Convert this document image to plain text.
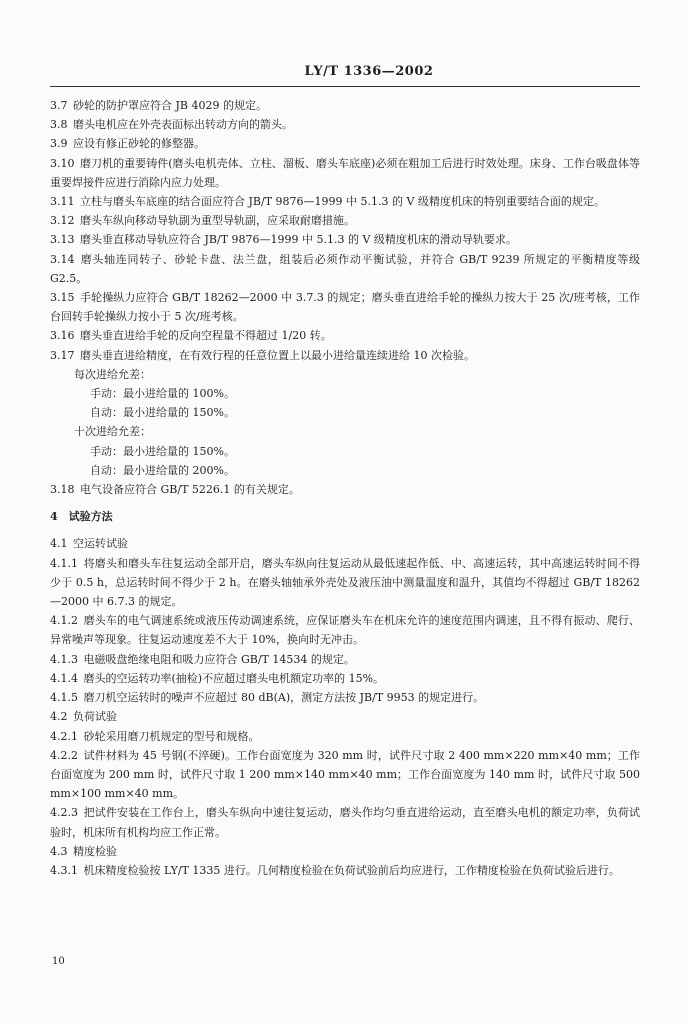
LY/T 1336—2002
3.7  砂轮的防护罩应符合 JB 4029 的规定。
3.8  磨头电机应在外壳表面标出转动方向的箭头。
3.9  应设有修正砂轮的修整器。
3.10  磨刀机的重要铸件(磨头电机壳体、立柱、溜板、磨头车底座)必须在粗加工后进行时效处理。床身、工作台吸盘体等重要焊接件应进行消除内应力处理。
3.11  立柱与磨头车底座的结合面应符合 JB/T 9876—1999 中 5.1.3 的 V 级精度机床的特别重要结合面的规定。
3.12  磨头车纵向移动导轨副为重型导轨副，应采取耐磨措施。
3.13  磨头垂直移动导轨应符合 JB/T 9876—1999 中 5.1.3 的 V 级精度机床的滑动导轨要求。
3.14  磨头轴连同转子、砂轮卡盘、法兰盘，组装后必须作动平衡试验，并符合 GB/T 9239 所规定的平衡精度等级 G2.5。
3.15  手轮操纵力应符合 GB/T 18262—2000 中 3.7.3 的规定；磨头垂直进给手轮的操纵力按大于 25 次/班考核，工作台回转手轮操纵力按小于 5 次/班考核。
3.16  磨头垂直进给手轮的反向空程量不得超过 1/20 转。
3.17  磨头垂直进给精度，在有效行程的任意位置上以最小进给量连续进给 10 次检验。
每次进给允差：
手动：最小进给量的 100%。
自动：最小进给量的 150%。
十次进给允差：
手动：最小进给量的 150%。
自动：最小进给量的 200%。
3.18  电气设备应符合 GB/T 5226.1 的有关规定。
4  试验方法
4.1  空运转试验
4.1.1  将磨头和磨头车往复运动全部开启，磨头车纵向往复运动从最低速起作低、中、高速运转，其中高速运转时间不得少于 0.5 h，总运转时间不得少于 2 h。在磨头轴轴承外壳处及液压油中测量温度和温升，其值均不得超过 GB/T 18262—2000 中 6.7.3 的规定。
4.1.2  磨头车的电气调速系统或液压传动调速系统，应保证磨头车在机床允许的速度范围内调速，且不得有振动、爬行、异常噪声等现象。往复运动速度差不大于 10%，换向时无冲击。
4.1.3  电磁吸盘绝缘电阻和吸力应符合 GB/T 14534 的规定。
4.1.4  磨头的空运转功率(抽检)不应超过磨头电机额定功率的 15%。
4.1.5  磨刀机空运转时的噪声不应超过 80 dB(A)，测定方法按 JB/T 9953 的规定进行。
4.2  负荷试验
4.2.1  砂轮采用磨刀机规定的型号和规格。
4.2.2  试件材料为 45 号钢(不淬硬)。工作台面宽度为 320 mm 时，试件尺寸取 2 400 mm×220 mm×40 mm；工作台面宽度为 200 mm 时，试件尺寸取 1 200 mm×140 mm×40 mm；工作台面宽度为 140 mm 时，试件尺寸取 500 mm×100 mm×40 mm。
4.2.3  把试件安装在工作台上，磨头车纵向中速往复运动，磨头作均匀垂直进给运动，直至磨头电机的额定功率，负荷试验时，机床所有机构均应工作正常。
4.3  精度检验
4.3.1  机床精度检验按 LY/T 1335 进行。几何精度检验在负荷试验前后均应进行，工作精度检验在负荷试验后进行。
10
